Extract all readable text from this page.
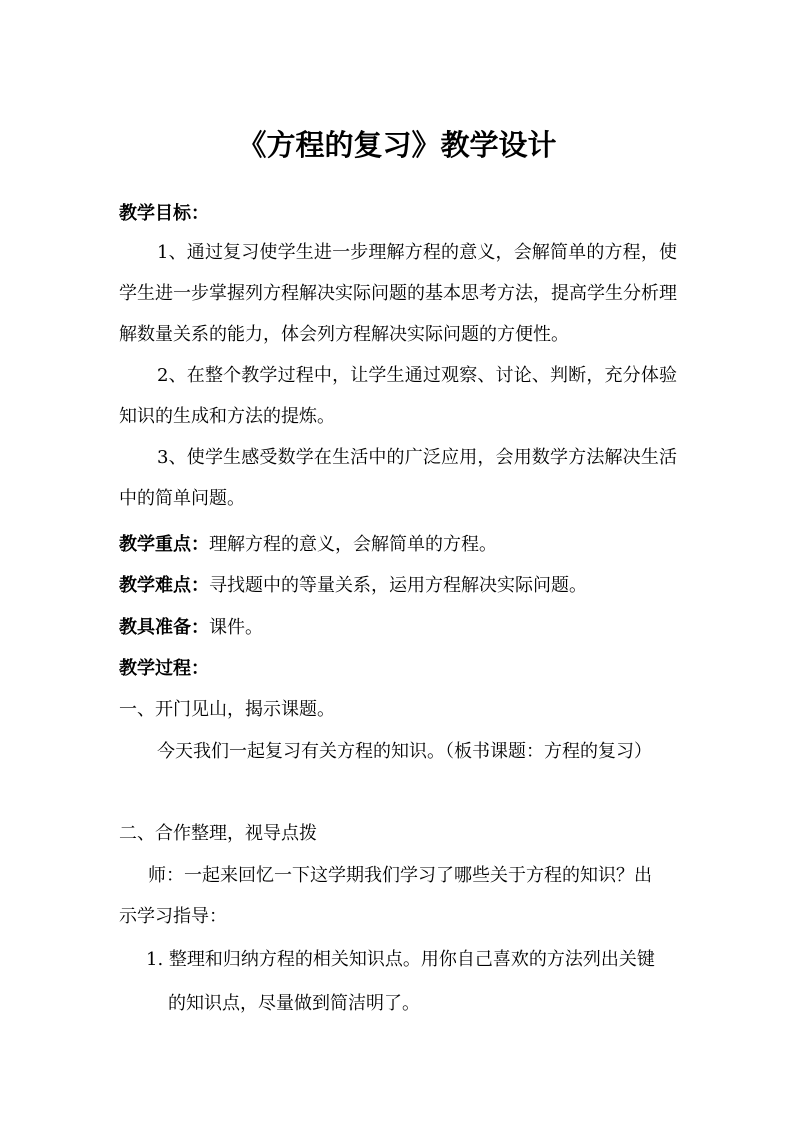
《方程的复习》教学设计
教学目标：

1、通过复习使学生进一步理解方程的意义，会解简单的方程，使学生进一步掌握列方程解决实际问题的基本思考方法，提高学生分析理解数量关系的能力，体会列方程解决实际问题的方便性。

2、在整个教学过程中，让学生通过观察、讨论、判断，充分体验知识的生成和方法的提炼。

3、使学生感受数学在生活中的广泛应用，会用数学方法解决生活中的简单问题。

教学重点：理解方程的意义，会解简单的方程。
教学难点：寻找题中的等量关系，运用方程解决实际问题。
教具准备：课件。
教学过程：
一、开门见山，揭示课题。
今天我们一起复习有关方程的知识。（板书课题：方程的复习）
二、合作整理，视导点拨
师：一起来回忆一下这学期我们学习了哪些关于方程的知识？出
示学习指导：
1. 整理和归纳方程的相关知识点。用你自己喜欢的方法列出关键
的知识点，尽量做到简洁明了。
